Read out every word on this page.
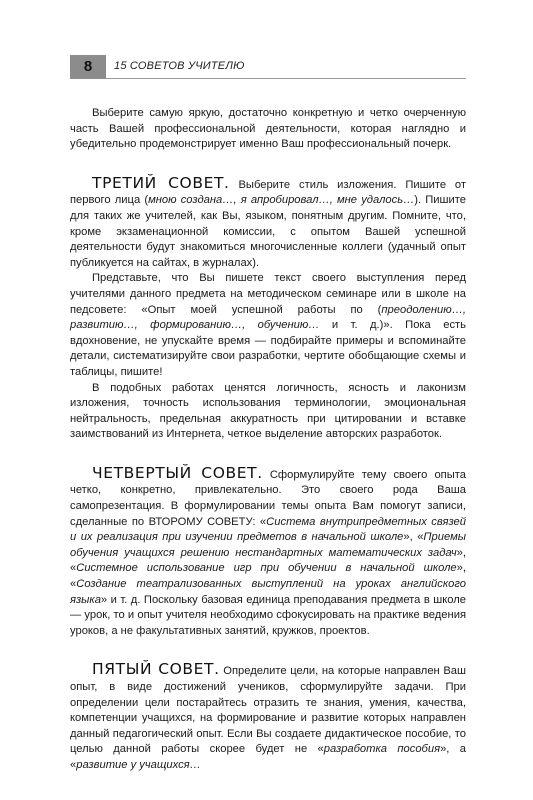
8	15 СОВЕТОВ УЧИТЕЛЮ

Выберите самую яркую, достаточно конкретную и четко очерченную часть Вашей профессиональной деятельности, которая наглядно и убедительно продемонстрирует именно Ваш профессиональный почерк.

ТРЕТИЙ СОВЕТ. Выберите стиль изложения. Пишите от первого лица (мною создана…, я апробировал…, мне удалось…). Пишите для таких же учителей, как Вы, языком, понятным другим. Помните, что, кроме экзаменационной комиссии, с опытом Вашей успешной деятельности будут знакомиться многочисленные коллеги (удачный опыт публикуется на сайтах, в журналах).

Представьте, что Вы пишете текст своего выступления перед учителями данного предмета на методическом семинаре или в школе на педсовете: «Опыт моей успешной работы по (преодолению…, развитию…, формированию…, обучению… и т. д.)». Пока есть вдохновение, не упускайте время — подбирайте примеры и вспоминайте детали, систематизируйте свои разработки, чертите обобщающие схемы и таблицы, пишите!

В подобных работах ценятся логичность, ясность и лаконизм изложения, точность использования терминологии, эмоциональная нейтральность, предельная аккуратность при цитировании и вставке заимствований из Интернета, четкое выделение авторских разработок.

ЧЕТВЕРТЫЙ СОВЕТ. Сформулируйте тему своего опыта четко, конкретно, привлекательно. Это своего рода Ваша самопрезентация. В формулировании темы опыта Вам помогут записи, сделанные по ВТОРОМУ СОВЕТУ: «Система внутрипредметных связей и их реализация при изучении предметов в начальной школе», «Приемы обучения учащихся решению нестандартных математических задач», «Системное использование игр при обучении в начальной школе», «Создание театрализованных выступлений на уроках английского языка» и т. д. Поскольку базовая единица преподавания предмета в школе — урок, то и опыт учителя необходимо сфокусировать на практике ведения уроков, а не факультативных занятий, кружков, проектов.

ПЯТЫЙ СОВЕТ. Определите цели, на которые направлен Ваш опыт, в виде достижений учеников, сформулируйте задачи. При определении цели постарайтесь отразить те знания, умения, качества, компетенции учащихся, на формирование и развитие которых направлен данный педагогический опыт. Если Вы создаете дидактическое пособие, то целью данной работы скорее будет не «разработка пособия», а «развитие у учащихся…
